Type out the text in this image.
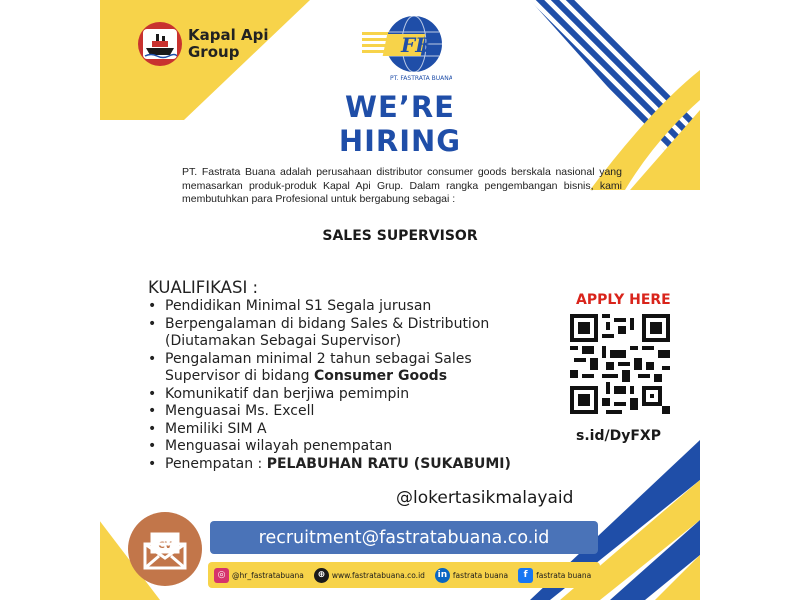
Kapal Api
Group	FB
PT. FASTRATA BUANA
WE’RE
HIRING
PT. Fastrata Buana adalah perusahaan distributor consumer goods berskala nasional yang memasarkan produk-produk Kapal Api Grup. Dalam rangka pengembangan bisnis, kami membutuhkan para Profesional untuk bergabung sebagai :
SALES SUPERVISOR
KUALIFIKASI :
• Pendidikan Minimal S1 Segala jurusan
• Berpengalaman di bidang Sales & Distribution
(Diutamakan Sebagai Supervisor)
• Pengalaman minimal 2 tahun sebagai Sales
Supervisor di bidang Consumer Goods
• Komunikatif dan berjiwa pemimpin
• Menguasai Ms. Excell
• Memiliki SIM A
• Menguasai wilayah penempatan
• Penempatan : PELABUHAN RATU (SUKABUMI)
APPLY HERE
s.id/DyFXP
@lokertasikmalayaid
CV	recruitment@fastratabuana.co.id
◎ @hr_fastratabuana	⊕ www.fastratabuana.co.id	in fastrata buana	f	fastrata buana
